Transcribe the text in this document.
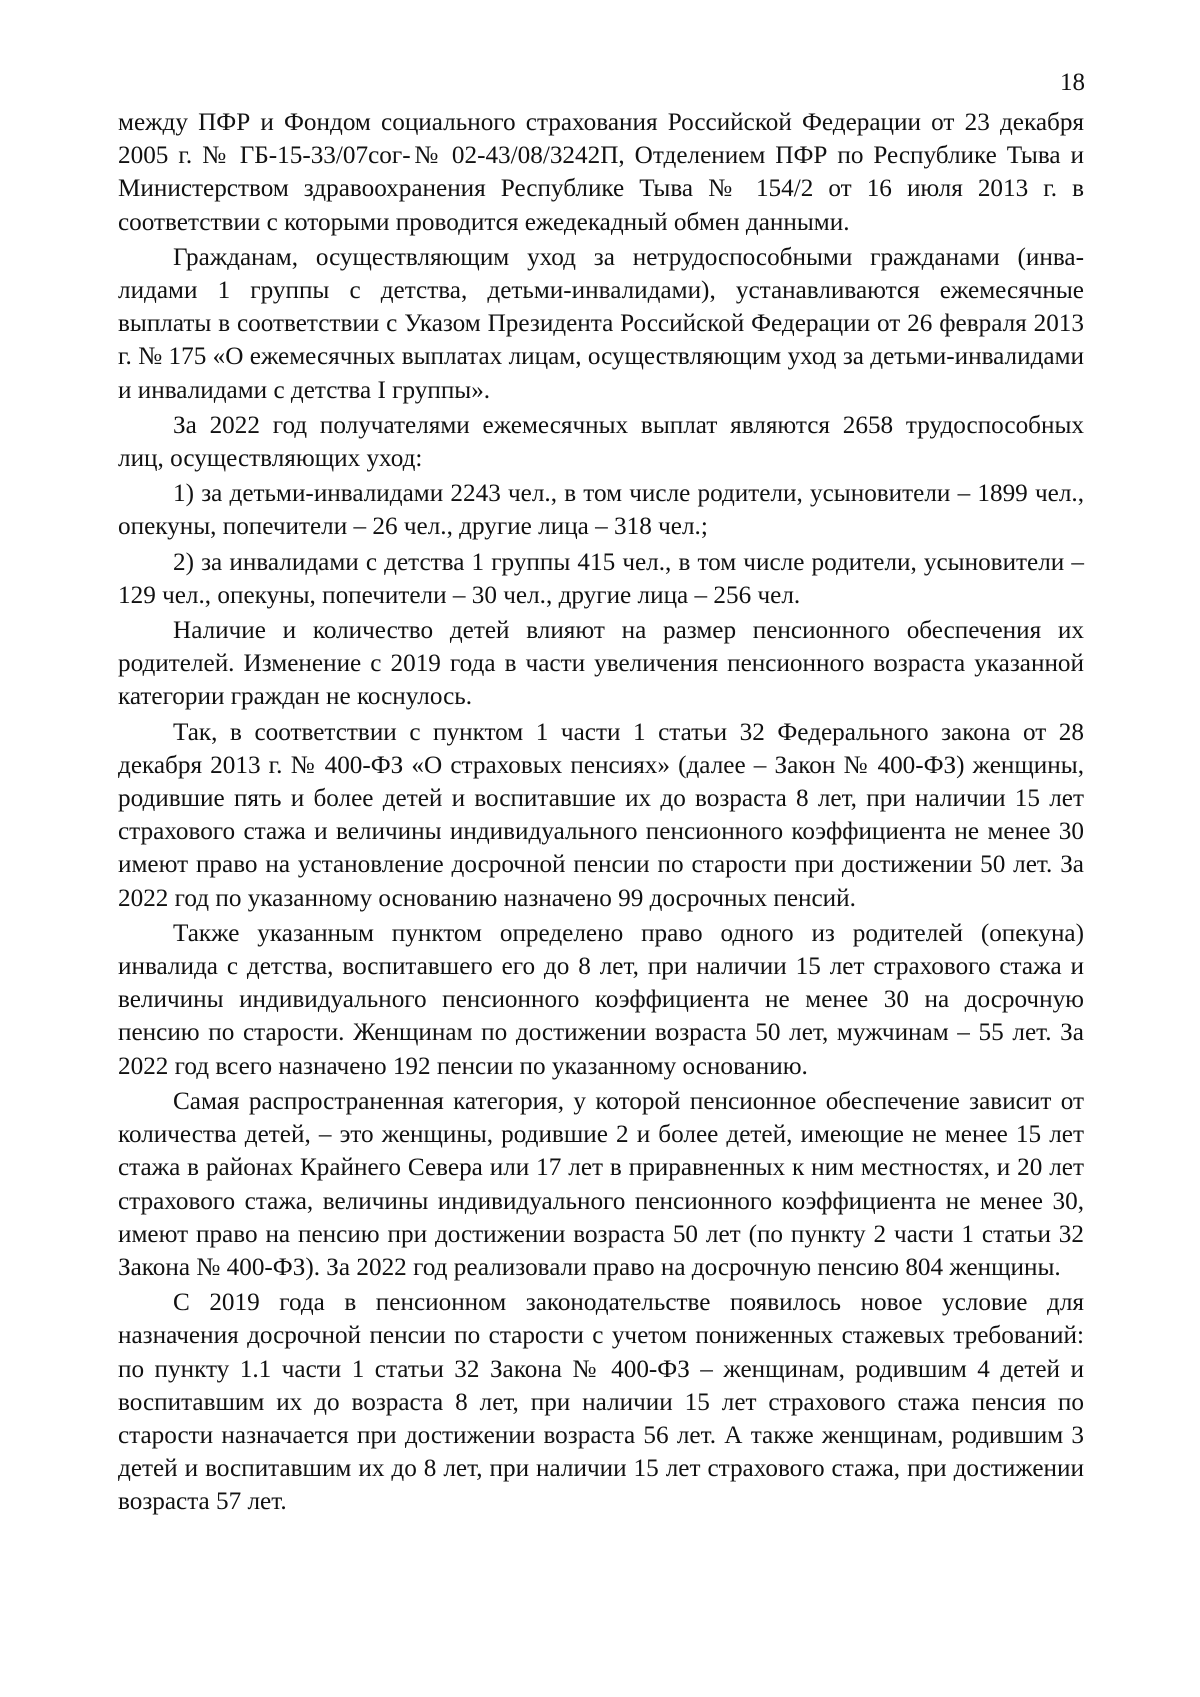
18

между ПФР и Фондом социального страхования Российской Федерации от 23 декабря 2005 г. № ГБ-15-33/07сог-№ 02-43/08/3242П, Отделением ПФР по Республике Тыва и Министерством здравоохранения Республике Тыва № 154/2 от 16 июля 2013 г. в соответствии с которыми проводится ежедекадный обмен данными.

Гражданам, осуществляющим уход за нетрудоспособными гражданами (инвалидами 1 группы с детства, детьми-инвалидами), устанавливаются ежемесячные выплаты в соответствии с Указом Президента Российской Федерации от 26 февраля 2013 г. № 175 «О ежемесячных выплатах лицам, осуществляющим уход за детьми-инвалидами и инвалидами с детства I группы».

За 2022 год получателями ежемесячных выплат являются 2658 трудоспособных лиц, осуществляющих уход:

1) за детьми-инвалидами 2243 чел., в том числе родители, усыновители – 1899 чел., опекуны, попечители – 26 чел., другие лица – 318 чел.;

2) за инвалидами с детства 1 группы 415 чел., в том числе родители, усыновители – 129 чел., опекуны, попечители – 30 чел., другие лица – 256 чел.

Наличие и количество детей влияют на размер пенсионного обеспечения их родителей. Изменение с 2019 года в части увеличения пенсионного возраста указанной категории граждан не коснулось.

Так, в соответствии с пунктом 1 части 1 статьи 32 Федерального закона от 28 декабря 2013 г. № 400-ФЗ «О страховых пенсиях» (далее – Закон № 400-ФЗ) женщины, родившие пять и более детей и воспитавшие их до возраста 8 лет, при наличии 15 лет страхового стажа и величины индивидуального пенсионного коэффициента не менее 30 имеют право на установление досрочной пенсии по старости при достижении 50 лет. За 2022 год по указанному основанию назначено 99 досрочных пенсий.

Также указанным пунктом определено право одного из родителей (опекуна) инвалида с детства, воспитавшего его до 8 лет, при наличии 15 лет страхового стажа и величины индивидуального пенсионного коэффициента не менее 30 на досрочную пенсию по старости. Женщинам по достижении возраста 50 лет, мужчинам – 55 лет. За 2022 год всего назначено 192 пенсии по указанному основанию.

Самая распространенная категория, у которой пенсионное обеспечение зависит от количества детей, – это женщины, родившие 2 и более детей, имеющие не менее 15 лет стажа в районах Крайнего Севера или 17 лет в приравненных к ним местностях, и 20 лет страхового стажа, величины индивидуального пенсионного коэффициента не менее 30, имеют право на пенсию при достижении возраста 50 лет (по пункту 2 части 1 статьи 32 Закона № 400-ФЗ). За 2022 год реализовали право на досрочную пенсию 804 женщины.

С 2019 года в пенсионном законодательстве появилось новое условие для назначения досрочной пенсии по старости с учетом пониженных стажевых требований: по пункту 1.1 части 1 статьи 32 Закона № 400-ФЗ – женщинам, родившим 4 детей и воспитавшим их до возраста 8 лет, при наличии 15 лет страхового стажа пенсия по старости назначается при достижении возраста 56 лет. А также женщинам, родившим 3 детей и воспитавшим их до 8 лет, при наличии 15 лет страхового стажа, при достижении возраста 57 лет.
